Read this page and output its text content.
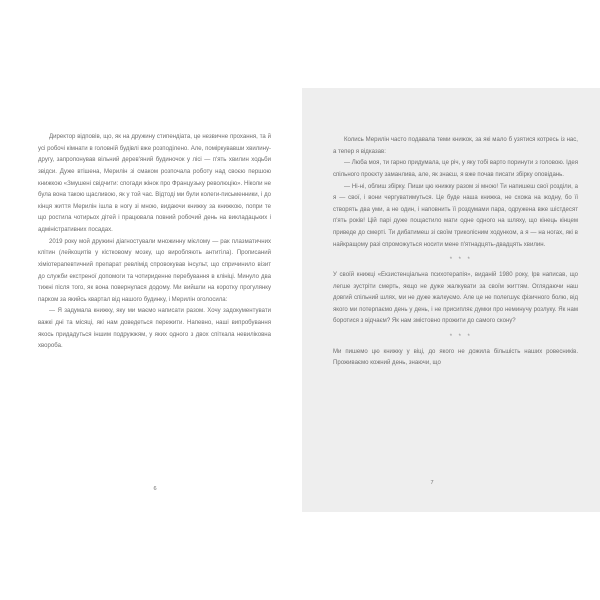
Директор відповів, що, як на дружину стипендіата, це незвичне прохання, та й усі робочі кімнати в головній будівлі вже розподілено. Але, поміркувавши хвилину-другу, запропонував вільний дерев'яний будиночок у лісі — п'ять хвилин ходьби звідси. Дуже втішена, Мерилін зі смаком розпочала роботу над своєю першою книжкою «Змушені свідчити: спогади жінок про Французьку революцію». Ніколи не була вона такою щасливою, як у той час. Відтоді ми були колеги-письменники, і до кінця життя Мерилін ішла в ногу зі мною, видаючи книжку за книжкою, попри те що ростила чотирьох дітей і працювала повний робочий день на викладацьких і адміністративних посадах.

2019 року мой дружині діагностували множинну мієлому — рак плазматичних клітин (лейкоцитів у кістковому мозку, що виробляють антитіла). Прописаний хіміотерапевтичний препарат ревлімід спровокував інсульт, що спричинило візит до служби екстреної допомоги та чотириденне перебування в клініці. Минуло два тижні після того, як вона повернулася додому. Ми вийшли на коротку прогулянку парком за якийсь квартал від нашого будинку, і Мерилін оголосила:

— Я задумала книжку, яку ми маємо написати разом. Хочу задокументувати важкі дні та місяці, які нам доведеться пережити. Напевно, наші випробування якось придадуться іншим подружжям, у яких одного з двох спіткала невиліковна хвороба.

6

Колись Мерилін часто подавала теми книжок, за які мало б узятися котресь із нас, а тепер я відказав:

— Люба моя, ти гарно придумала, це річ, у яку тобі варто поринути з головою. Ідея спільного проєкту заманлива, але, як знаєш, я вже почав писати збірку оповідань.

— Ні-ні, облиш збірку. Пиши цю книжку разом зі мною! Ти напишеш свої розділи, а я — свої, і вони чергуватимуться. Це буде наша книжка, не схожа на жодну, бо її створять два уми, а не один, і наповнить її роздумами пара, одружена вже шістдесят п'ять років! Цій парі дуже пощастило мати одне одного на шляху, що кінець кінцем приведе до смерті. Ти дибатимеш зі своїм триколісним ходунком, а я — на ногах, які в найкращому разі спроможуться носити мене п'ятнадцять-двадцять хвилин.

* * *

У своїй книжці «Екзистенціальна психотерапія», виданій 1980 року, Ірв написав, що легше зустріти смерть, якщо не дуже жалкувати за своїм життям. Оглядаючи наш довгий спільний шлях, ми не дуже жалкуємо. Але це не полегшує фізичного болю, від якого ми потерпаємо день у день, і не присипляє думки про неминучу розлуку. Як нам боротися з відчаєм? Як нам змістовно прожити до самого скону?

* * *

Ми пишемо цю книжку у віці, до якого не дожила більшість наших ровесників. Проживаємо кожний день, знаючи, що

7
